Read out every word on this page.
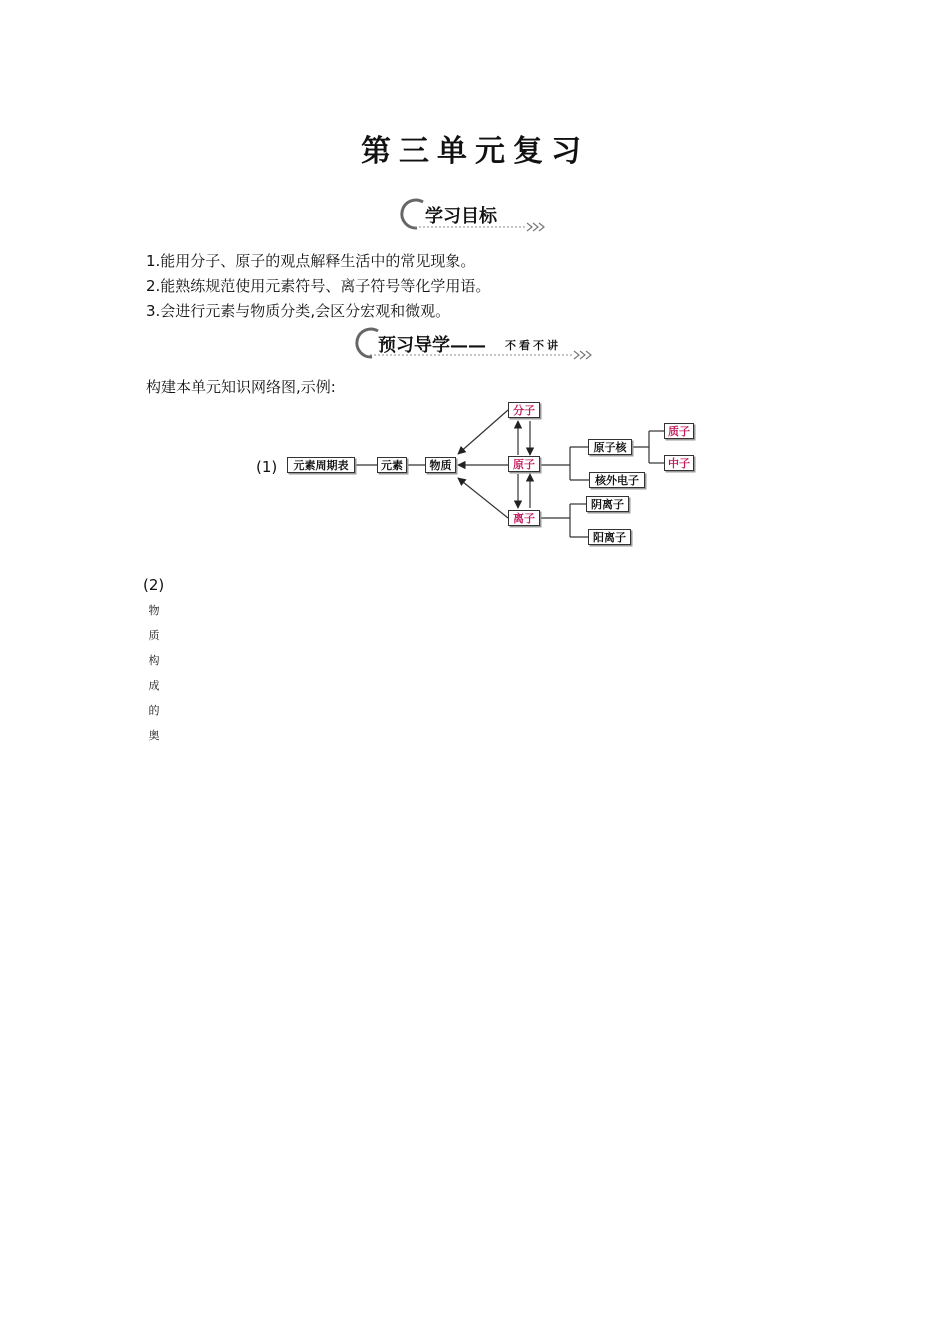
第三单元复习
学习目标
1.能用分子、原子的观点解释生活中的常见现象。
2.能熟练规范使用元素符号、离子符号等化学用语。
3.会进行元素与物质分类,会区分宏观和微观。
预习导学—— 不看不讲
构建本单元知识网络图,示例:
(1)	元素周期表	元素	物质
分子
原子
离子
原子核
核外电子
质子
中子
阴离子
阳离子
(2)
物
质
构
成
的
奥
